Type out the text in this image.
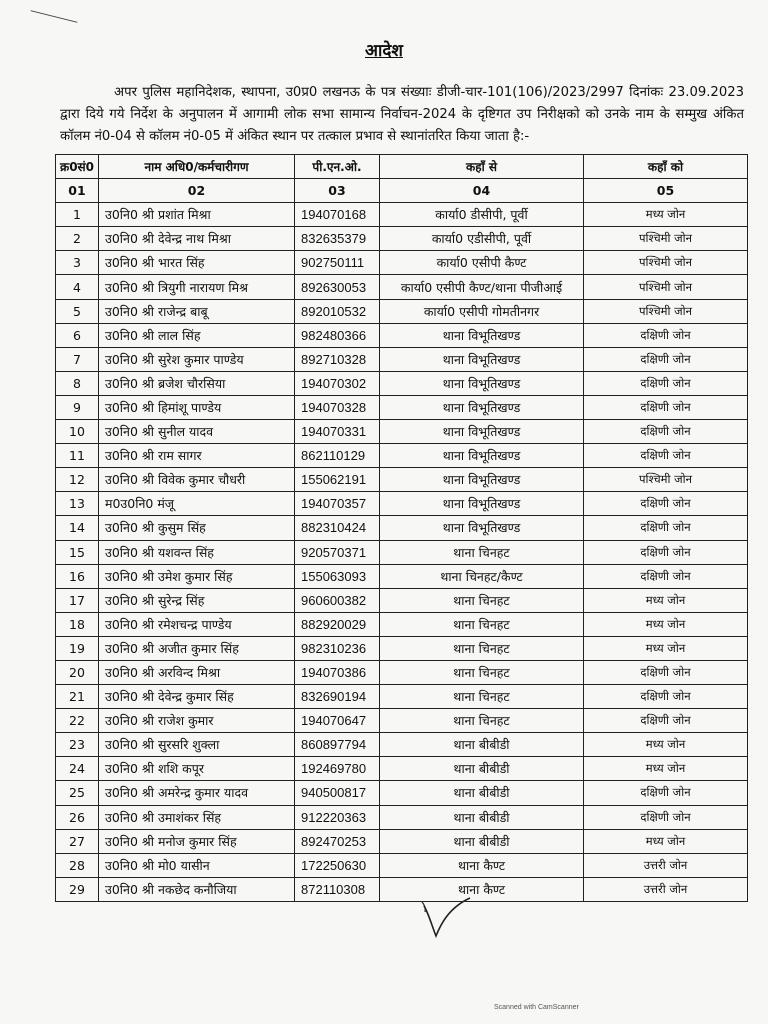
आदेश
अपर पुलिस महानिदेशक, स्थापना, उ0प्र0 लखनऊ के पत्र संख्याः डीजी-चार-101(106)/2023/2997 दिनांकः 23.09.2023 द्वारा दिये गये निर्देश के अनुपालन में आगामी लोक सभा सामान्य निर्वाचन-2024 के दृष्टिगत उप निरीक्षको को उनके नाम के सम्मुख अंकित कॉलम नं0-04 से कॉलम नं0-05 में अंकित स्थान पर तत्काल प्रभाव से स्थानांतरित किया जाता है:-
क्र0सं0	नाम अधि0/कर्मचारीगण	पी.एन.ओ.	कहाँ से	कहाँ को
01	02	03	04	05
1	उ0नि0 श्री प्रशांत मिश्रा	194070168	कार्या0 डीसीपी, पूर्वी	मध्य जोन
2	उ0नि0 श्री देवेन्द्र नाथ मिश्रा	832635379	कार्या0 एडीसीपी, पूर्वी	पश्चिमी जोन
3	उ0नि0 श्री भारत सिंह	902750111	कार्या0 एसीपी कैण्ट	पश्चिमी जोन
4	उ0नि0 श्री त्रियुगी नारायण मिश्र	892630053	कार्या0 एसीपी कैण्ट/थाना पीजीआई	पश्चिमी जोन
5	उ0नि0 श्री राजेन्द्र बाबू	892010532	कार्या0 एसीपी गोमतीनगर	पश्चिमी जोन
6	उ0नि0 श्री लाल सिंह	982480366	थाना विभूतिखण्ड	दक्षिणी जोन
7	उ0नि0 श्री सुरेश कुमार पाण्डेय	892710328	थाना विभूतिखण्ड	दक्षिणी जोन
8	उ0नि0 श्री ब्रजेश चौरसिया	194070302	थाना विभूतिखण्ड	दक्षिणी जोन
9	उ0नि0 श्री हिमांशू पाण्डेय	194070328	थाना विभूतिखण्ड	दक्षिणी जोन
10	उ0नि0 श्री सुनील यादव	194070331	थाना विभूतिखण्ड	दक्षिणी जोन
11	उ0नि0 श्री राम सागर	862110129	थाना विभूतिखण्ड	दक्षिणी जोन
12	उ0नि0 श्री विवेक कुमार चौधरी	155062191	थाना विभूतिखण्ड	पश्चिमी जोन
13	म0उ0नि0 मंजू	194070357	थाना विभूतिखण्ड	दक्षिणी जोन
14	उ0नि0 श्री कुसुम सिंह	882310424	थाना विभूतिखण्ड	दक्षिणी जोन
15	उ0नि0 श्री यशवन्त सिंह	920570371	थाना चिनहट	दक्षिणी जोन
16	उ0नि0 श्री उमेश कुमार सिंह	155063093	थाना चिनहट/कैण्ट	दक्षिणी जोन
17	उ0नि0 श्री सुरेन्द्र सिंह	960600382	थाना चिनहट	मध्य जोन
18	उ0नि0 श्री रमेशचन्द्र पाण्डेय	882920029	थाना चिनहट	मध्य जोन
19	उ0नि0 श्री अजीत कुमार सिंह	982310236	थाना चिनहट	मध्य जोन
20	उ0नि0 श्री अरविन्द मिश्रा	194070386	थाना चिनहट	दक्षिणी जोन
21	उ0नि0 श्री देवेन्द्र कुमार सिंह	832690194	थाना चिनहट	दक्षिणी जोन
22	उ0नि0 श्री राजेश कुमार	194070647	थाना चिनहट	दक्षिणी जोन
23	उ0नि0 श्री सुरसरि शुक्ला	860897794	थाना बीबीडी	मध्य जोन
24	उ0नि0 श्री शशि कपूर	192469780	थाना बीबीडी	मध्य जोन
25	उ0नि0 श्री अमरेन्द्र कुमार यादव	940500817	थाना बीबीडी	दक्षिणी जोन
26	उ0नि0 श्री उमाशंकर सिंह	912220363	थाना बीबीडी	दक्षिणी जोन
27	उ0नि0 श्री मनोज कुमार सिंह	892470253	थाना बीबीडी	मध्य जोन
28	उ0नि0 श्री मो0 यासीन	172250630	थाना कैण्ट	उत्तरी जोन
29	उ0नि0 श्री नकछेद कनौजिया	872110308	थाना कैण्ट	उत्तरी जोन
Scanned with CamScanner
